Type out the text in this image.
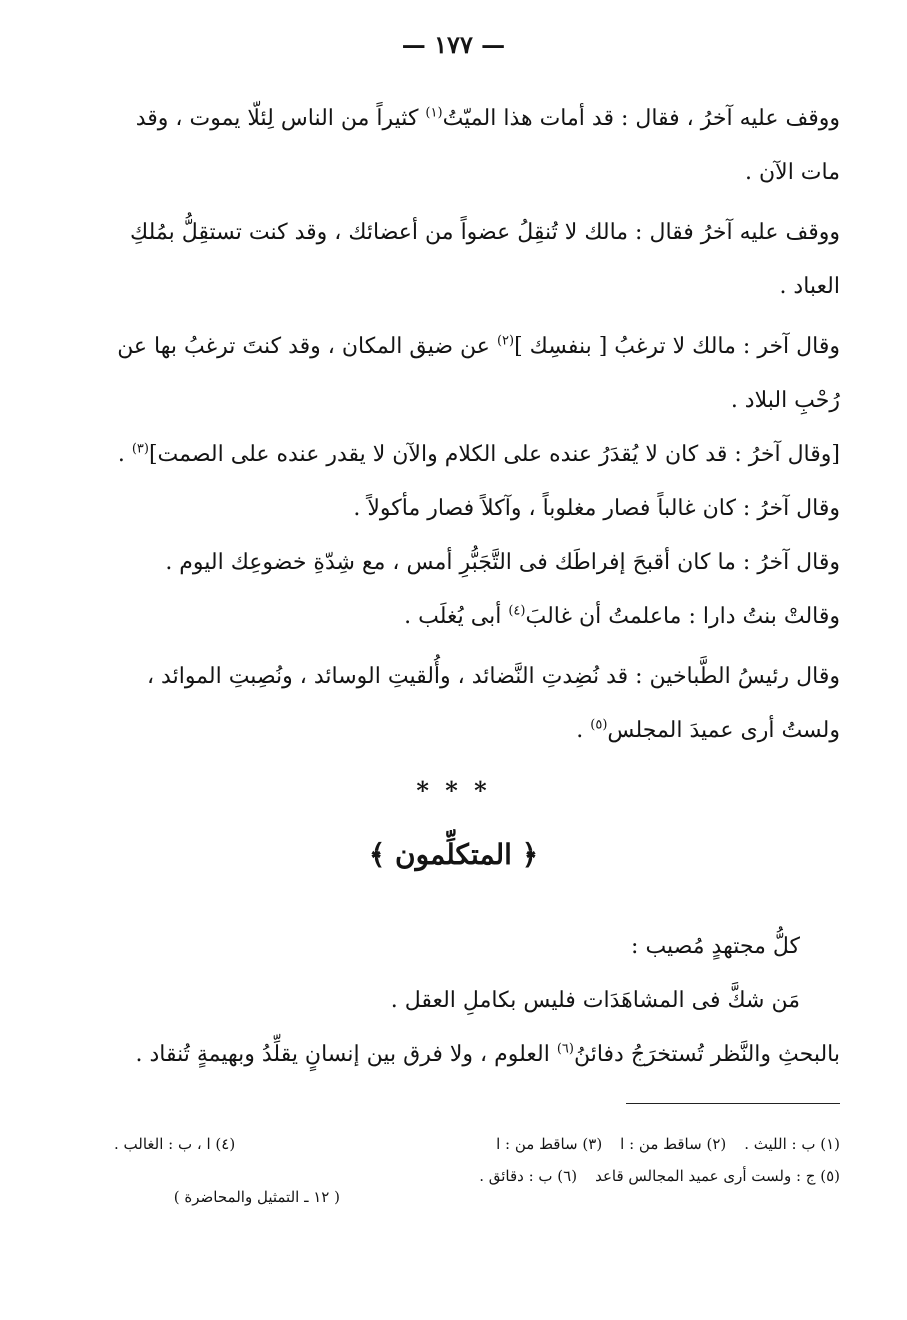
— ١٧٧ —

ووقف عليه آخرُ ، فقال : قد أمات هذا الميّتُ$^{(١)}$ كثيراً من الناس لِئلّا يموت ، وقد مات الآن .

ووقف عليه آخرُ فقال : مالك لا تُنقِلُ عضواً من أعضائك ، وقد كنت تستقِلُّ بمُلكِ العباد .

وقال آخر : مالك لا ترغبُ [ بنفسِك ]$^{(٢)}$ عن ضيق المكان ، وقد كنتَ ترغبُ بها عن رُحْبِ البلاد .

[وقال آخرُ : قد كان لا يُقدَرُ عنده على الكلام والآن لا يقدر عنده على الصمت]$^{(٣)}$ .

وقال آخرُ : كان غالباً فصار مغلوباً ، وآكلاً فصار مأكولاً .

وقال آخرُ : ما كان أقبحَ إفراطَك فى التَّجَبُّرِ أمس ، مع شِدّةِ خضوعِك اليوم .

وقالتْ بنتُ دارا : ماعلمتُ أن غالبَ$^{(٤)}$ أبى يُغلَب .

وقال رئيسُ الطَّباخين : قد نُضِدتِ النَّضائد ، وأُلقيتِ الوسائد ، ونُصِبتِ الموائد ، ولستُ أرى عميدَ المجلس$^{(٥)}$ .

* * *
﴿ المتكلِّمون ﴾

كلُّ مجتهدٍ مُصيب :

مَن شكَّ فى المشاهَدَات فليس بكاملِ العقل .

بالبحثِ والنَّظر تُستخرَجُ دفائنُ$^{(٦)}$ العلوم ، ولا فرق بين إنسانٍ يقلِّدُ وبهيمةٍ تُنقاد .

(١) ب : الليث .
(٢) ساقط من : ا
(٣) ساقط من : ا
(٤) ا ، ب : الغالب .
(٥) ج : ولست أرى عميد المجالس قاعد
(٦) ب : دقائق .
( ١٢ ـ التمثيل والمحاضرة )
